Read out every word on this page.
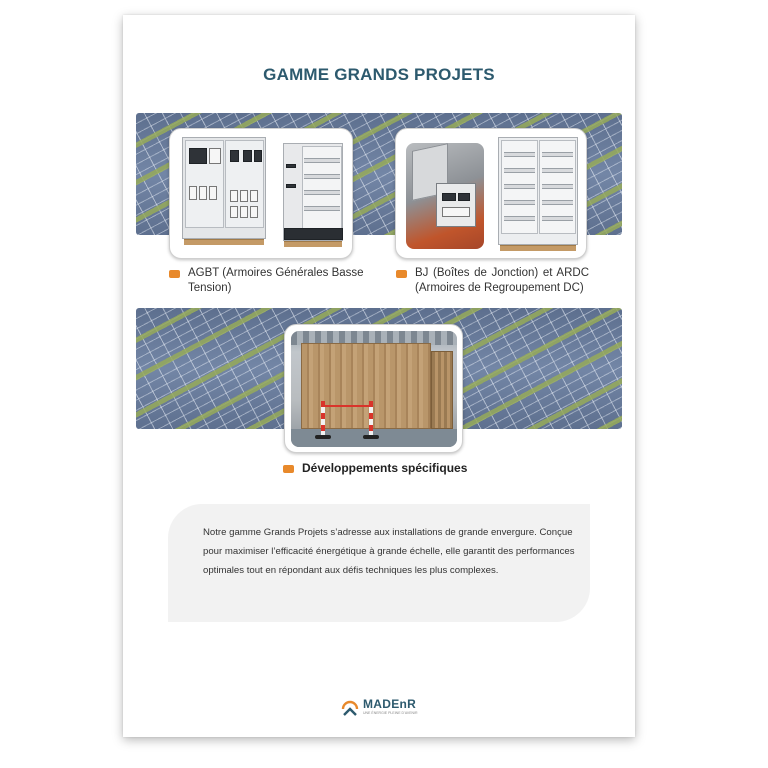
GAMME GRANDS PROJETS
AGBT (Armoires Générales Basse Tension)
BJ (Boîtes de Jonction) et ARDC (Armoires de Regroupement DC)
Développements spécifiques

Notre gamme Grands Projets s’adresse aux installations de grande envergure. Conçue pour maximiser l’efficacité énergétique à grande échelle, elle garantit des performances optimales tout en répondant aux défis techniques les plus complexes.

MADEnR
UNE ÉNERGIE PLEINE D’AVENIR
